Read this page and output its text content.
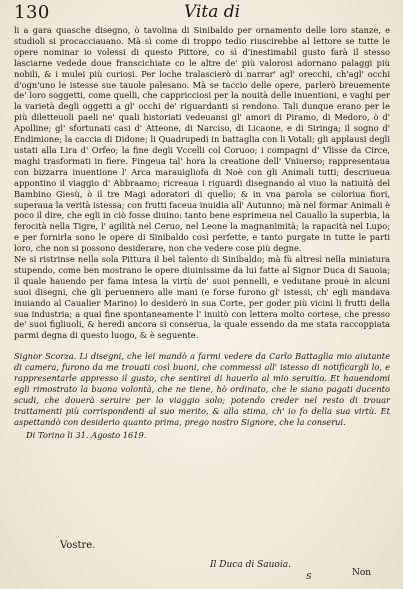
130	Vita di

li a gara quasche disegno, ò tavolina di Sinibaldo per ornamento delle loro stanze, e studioli si procacciauano. Mà sì come di troppo tedio riuscirebbe al lettore se tutte le opere nominar io volessi di questo Pittore, co sì d'inestimabil gusto farà il stesso lasciarne vedede doue franscichiate co le altre de' più valorosi adornano palaggi più nobili, & i mulei più curiosi. Per loche tralascierò di narrar' agl' orecchi, ch'agl' occhi d'ogn'uno le istesse sue tauole palesano. Mà se taccio delle opere, parlerò breuemente de' loro soggetti, come quelli, che cappricciosi per la nouità delle inuentioni, e vaghi per la varietà degli oggetti a gl' occhi de' riguardanti si rendono. Tali dunque erano per le più diletteuoli paeli ne' quali historiati vedeuansi gl' amori di Piramo, di Medoro, ò d' Apolline; gl' sfortunati casi d' Atteone, di Narciso, di Licaone, e di Siringa; il sogno d' Endimione; la caccia di Didone; li Quadrupedi in battaglia con li Votali; gli applausi degli ustati alla Lira d' Orfeo; la fine degli Vccelli col Coruoo; i compagni d' Vlisse da Circe, maghi trasformati in fiere. Fingeua tal' hora la creatione dell' Vniuerso; rappresentaua con bizzarra inuentione l' Arca marauigliofa di Noè con gli Animali tutti; descriueua appontino il viaggio d' Abbraamo; ricreaua i riguardi disegnando al viuo la natiuità del Bambino Giesù, ò il tre Magi adoratori di quello; & in vna parola se coloriua fiori, superaua la verità istessa; con frutti faceua inuidia all' Autunno; mà nel formar Animali è poco il dire, che egli in ciò fosse diuino: tanto bene esprimeua nel Cauallo la superbia, la ferocità nella Tigre, l' agilità nel Ceruo, nel Leone la magnanimità; la rapacità nel Lupo; e per fornirla sono le opere di Sinibaldo così perfette, e tanto purgate in tutte le parti loro, che non si possono desiderare, non che vedere cose più degne.

Ne si ristrinse nella sola Pittura il bel talento di Sinibaldo; mà fù altresì nella miniatura stupendo, come ben mostrano le opere diuinissime da lui fatte al Signor Duca di Sauoia; il quale hauendo per fama intesa la virtù de' suoi pennelli, e vedutane prouè in alcuni suoi disegni, che gli peruennero alle mani (e forse furono gl' istessi, ch' egli mandava inuiando al Caualier Marino) lo desiderò in sua Corte, per goder più vicini li frutti della sua industria; a quai fine spontaneamente l' inuitò con lettera molto cortese, che presso de' suoi figliuoli, & heredi ancora si conserua, la quale essendo da me stata raccoppiata parmi degna di questo luogo, & è seguente.

Signor Scorza. Li disegni, che lei mandò a farmi vedere da Carlo Battaglia mio aiutante di camera, furono da me trouati così buoni, che commessi all' istesso di notificargli lo, e rappresentarle appresso il gusto, che sentirei di hauerlo al mio seruitio. Et hauendomi egli rimostrato la buona volontà, che ne tiene, hò ordinato, che le siano pagati ducento scudi, che douerà seruire per lo viaggio solo; potendo creder nel resto di trouar trattamenti più corrispondenti al suo merito, & alla stima, ch' io fo della sua virtù. Et aspettandò con desiderio quanto prima, prego nostro Signore, che la conserui.

Di Torino li 31. Agosto 1619.
Vostre.
Il Duca di Sauoia.
S	Non
